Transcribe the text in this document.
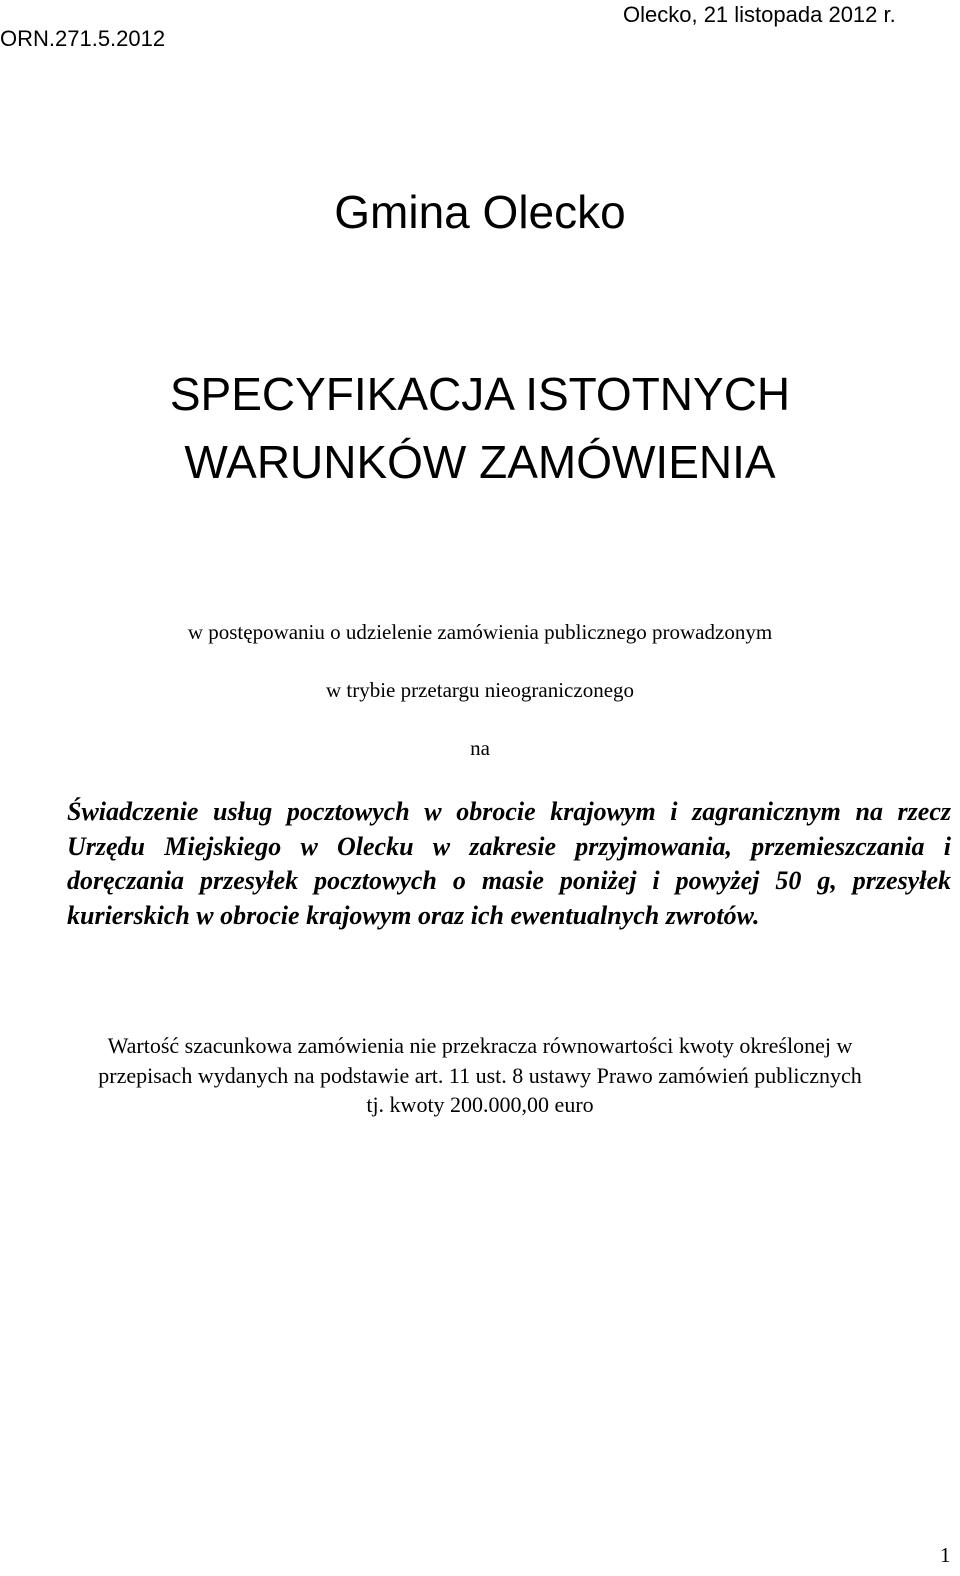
ORN.271.5.2012
Olecko, 21 listopada 2012 r.
Gmina Olecko
SPECYFIKACJA ISTOTNYCH
WARUNKÓW ZAMÓWIENIA
w postępowaniu o udzielenie zamówienia publicznego prowadzonym
w trybie przetargu nieograniczonego
na

Świadczenie usług pocztowych w obrocie krajowym i zagranicznym na rzecz Urzędu Miejskiego w Olecku w zakresie przyjmowania, przemieszczania i doręczania przesyłek pocztowych o masie poniżej i powyżej 50 g, przesyłek kurierskich w obrocie krajowym oraz ich ewentualnych zwrotów.

Wartość szacunkowa zamówienia nie przekracza równowartości kwoty określonej w
przepisach wydanych na podstawie art. 11 ust. 8 ustawy Prawo zamówień publicznych
tj. kwoty 200.000,00 euro
1
